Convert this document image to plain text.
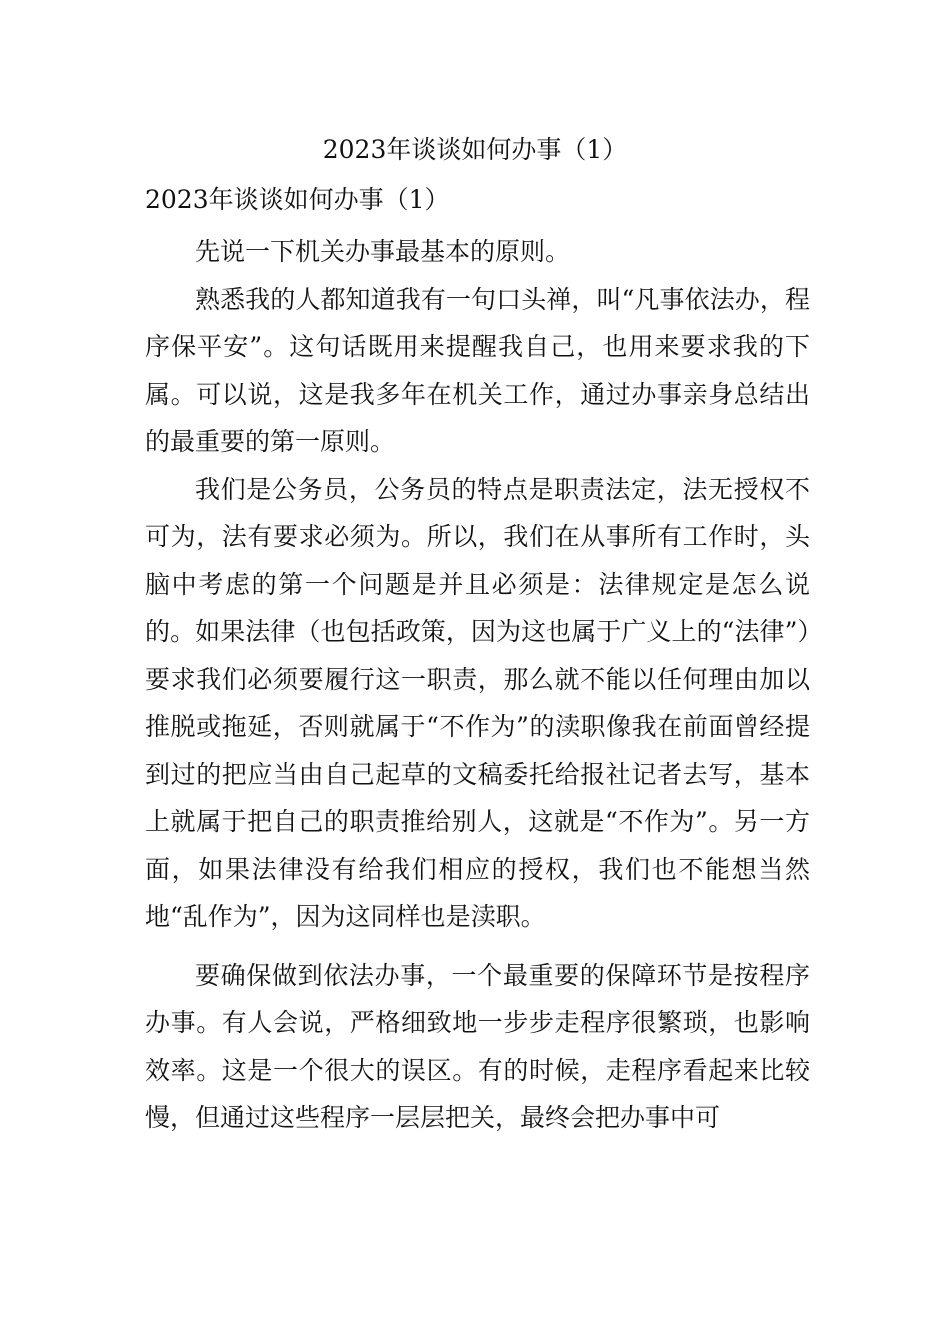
2023年谈谈如何办事（1）
2023年谈谈如何办事（1）

先说一下机关办事最基本的原则。

熟悉我的人都知道我有一句口头禅，叫“凡事依法办，程序保平安”。这句话既用来提醒我自己，也用来要求我的下属。可以说，这是我多年在机关工作，通过办事亲身总结出的最重要的第一原则。

我们是公务员，公务员的特点是职责法定，法无授权不可为，法有要求必须为。所以，我们在从事所有工作时，头脑中考虑的第一个问题是并且必须是：法律规定是怎么说的。如果法律（也包括政策，因为这也属于广义上的“法律”）要求我们必须要履行这一职责，那么就不能以任何理由加以推脱或拖延，否则就属于“不作为”的渎职像我在前面曾经提到过的把应当由自己起草的文稿委托给报社记者去写，基本上就属于把自己的职责推给别人，这就是“不作为”。另一方面，如果法律没有给我们相应的授权，我们也不能想当然地“乱作为”，因为这同样也是渎职。

要确保做到依法办事，一个最重要的保障环节是按程序办事。有人会说，严格细致地一步步走程序很繁琐，也影响效率。这是一个很大的误区。有的时候，走程序看起来比较慢，但通过这些程序一层层把关，最终会把办事中可
